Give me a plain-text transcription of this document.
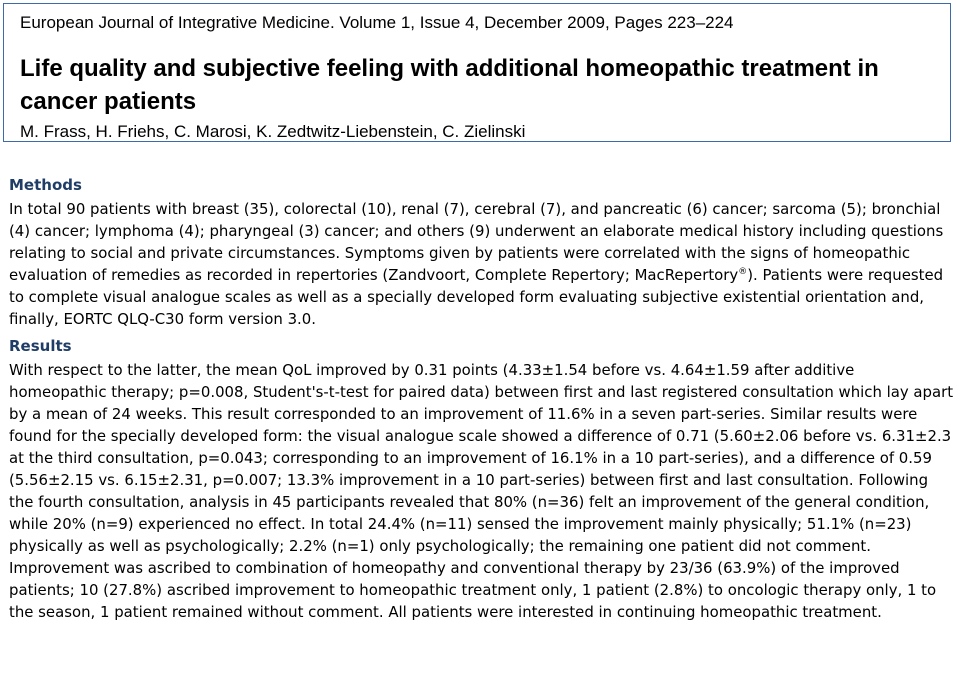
European Journal of Integrative Medicine. Volume 1, Issue 4, December 2009, Pages 223–224
Life quality and subjective feeling with additional homeopathic treatment in cancer patients
M. Frass, H. Friehs, C. Marosi, K. Zedtwitz-Liebenstein, C. Zielinski
Methods

In total 90 patients with breast (35), colorectal (10), renal (7), cerebral (7), and pancreatic (6) cancer; sarcoma (5); bronchial (4) cancer; lymphoma (4); pharyngeal (3) cancer; and others (9) underwent an elaborate medical history including questions relating to social and private circumstances. Symptoms given by patients were correlated with the signs of homeopathic evaluation of remedies as recorded in repertories (Zandvoort, Complete Repertory; MacRepertory®). Patients were requested to complete visual analogue scales as well as a specially developed form evaluating subjective existential orientation and, finally, EORTC QLQ-C30 form version 3.0.

Results

With respect to the latter, the mean QoL improved by 0.31 points (4.33±1.54 before vs. 4.64±1.59 after additive homeopathic therapy; p=0.008, Student's-t-test for paired data) between first and last registered consultation which lay apart by a mean of 24 weeks. This result corresponded to an improvement of 11.6% in a seven part-series. Similar results were found for the specially developed form: the visual analogue scale showed a difference of 0.71 (5.60±2.06 before vs. 6.31±2.3 at the third consultation, p=0.043; corresponding to an improvement of 16.1% in a 10 part-series), and a difference of 0.59 (5.56±2.15 vs. 6.15±2.31, p=0.007; 13.3% improvement in a 10 part-series) between first and last consultation. Following the fourth consultation, analysis in 45 participants revealed that 80% (n=36) felt an improvement of the general condition, while 20% (n=9) experienced no effect. In total 24.4% (n=11) sensed the improvement mainly physically; 51.1% (n=23) physically as well as psychologically; 2.2% (n=1) only psychologically; the remaining one patient did not comment. Improvement was ascribed to combination of homeopathy and conventional therapy by 23/36 (63.9%) of the improved patients; 10 (27.8%) ascribed improvement to homeopathic treatment only, 1 patient (2.8%) to oncologic therapy only, 1 to the season, 1 patient remained without comment. All patients were interested in continuing homeopathic treatment.
